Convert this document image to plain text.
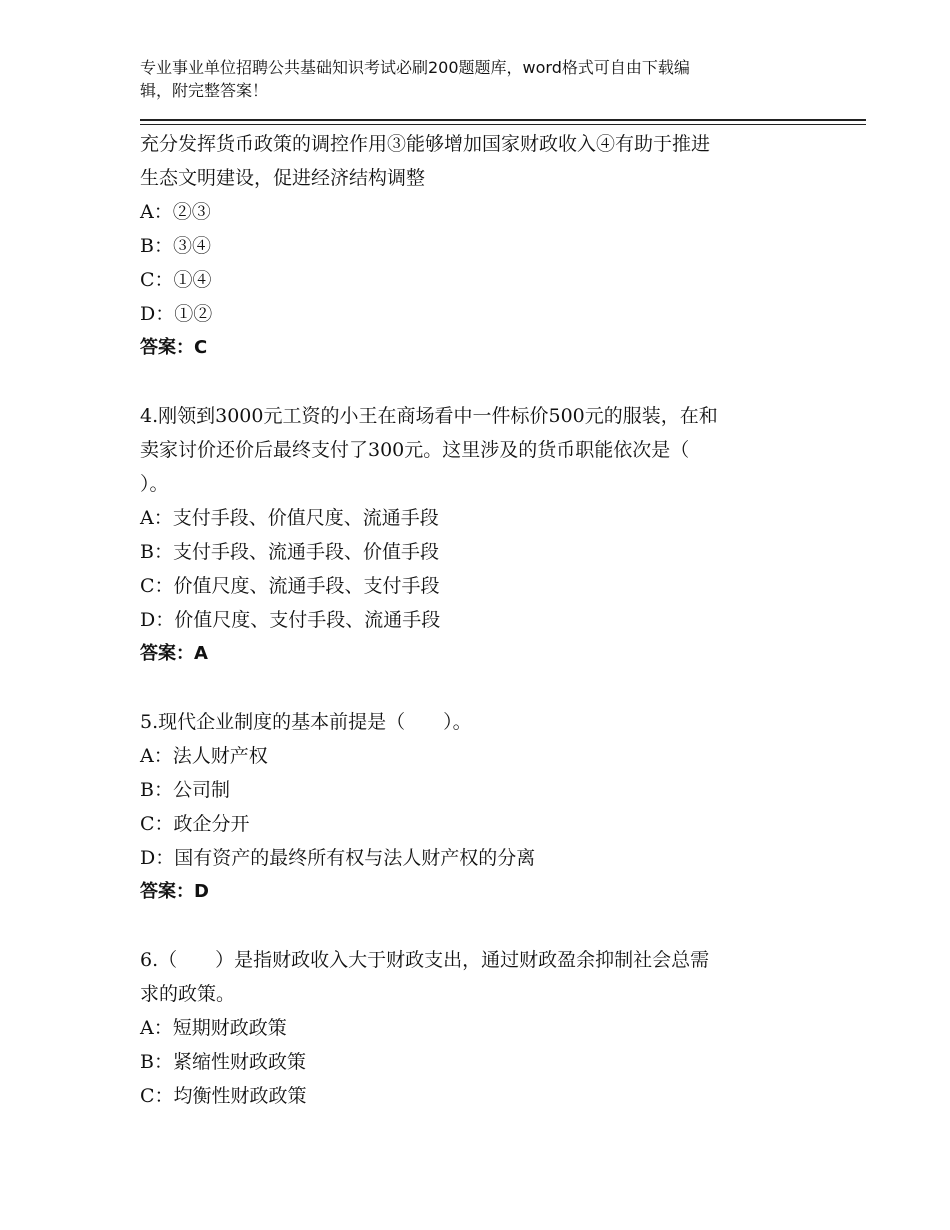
专业事业单位招聘公共基础知识考试必刷200题题库，word格式可自由下载编
辑，附完整答案！
充分发挥货币政策的调控作用③能够增加国家财政收入④有助于推进
生态文明建设，促进经济结构调整
A：②③
B：③④
C：①④
D：①②
答案：C
4.刚领到3000元工资的小王在商场看中一件标价500元的服装，在和
卖家讨价还价后最终支付了300元。这里涉及的货币职能依次是（
）。
A：支付手段、价值尺度、流通手段
B：支付手段、流通手段、价值手段
C：价值尺度、流通手段、支付手段
D：价值尺度、支付手段、流通手段
答案：A
5.现代企业制度的基本前提是（　　）。
A：法人财产权
B：公司制
C：政企分开
D：国有资产的最终所有权与法人财产权的分离
答案：D
6.（　　）是指财政收入大于财政支出，通过财政盈余抑制社会总需
求的政策。
A：短期财政政策
B：紧缩性财政政策
C：均衡性财政政策
